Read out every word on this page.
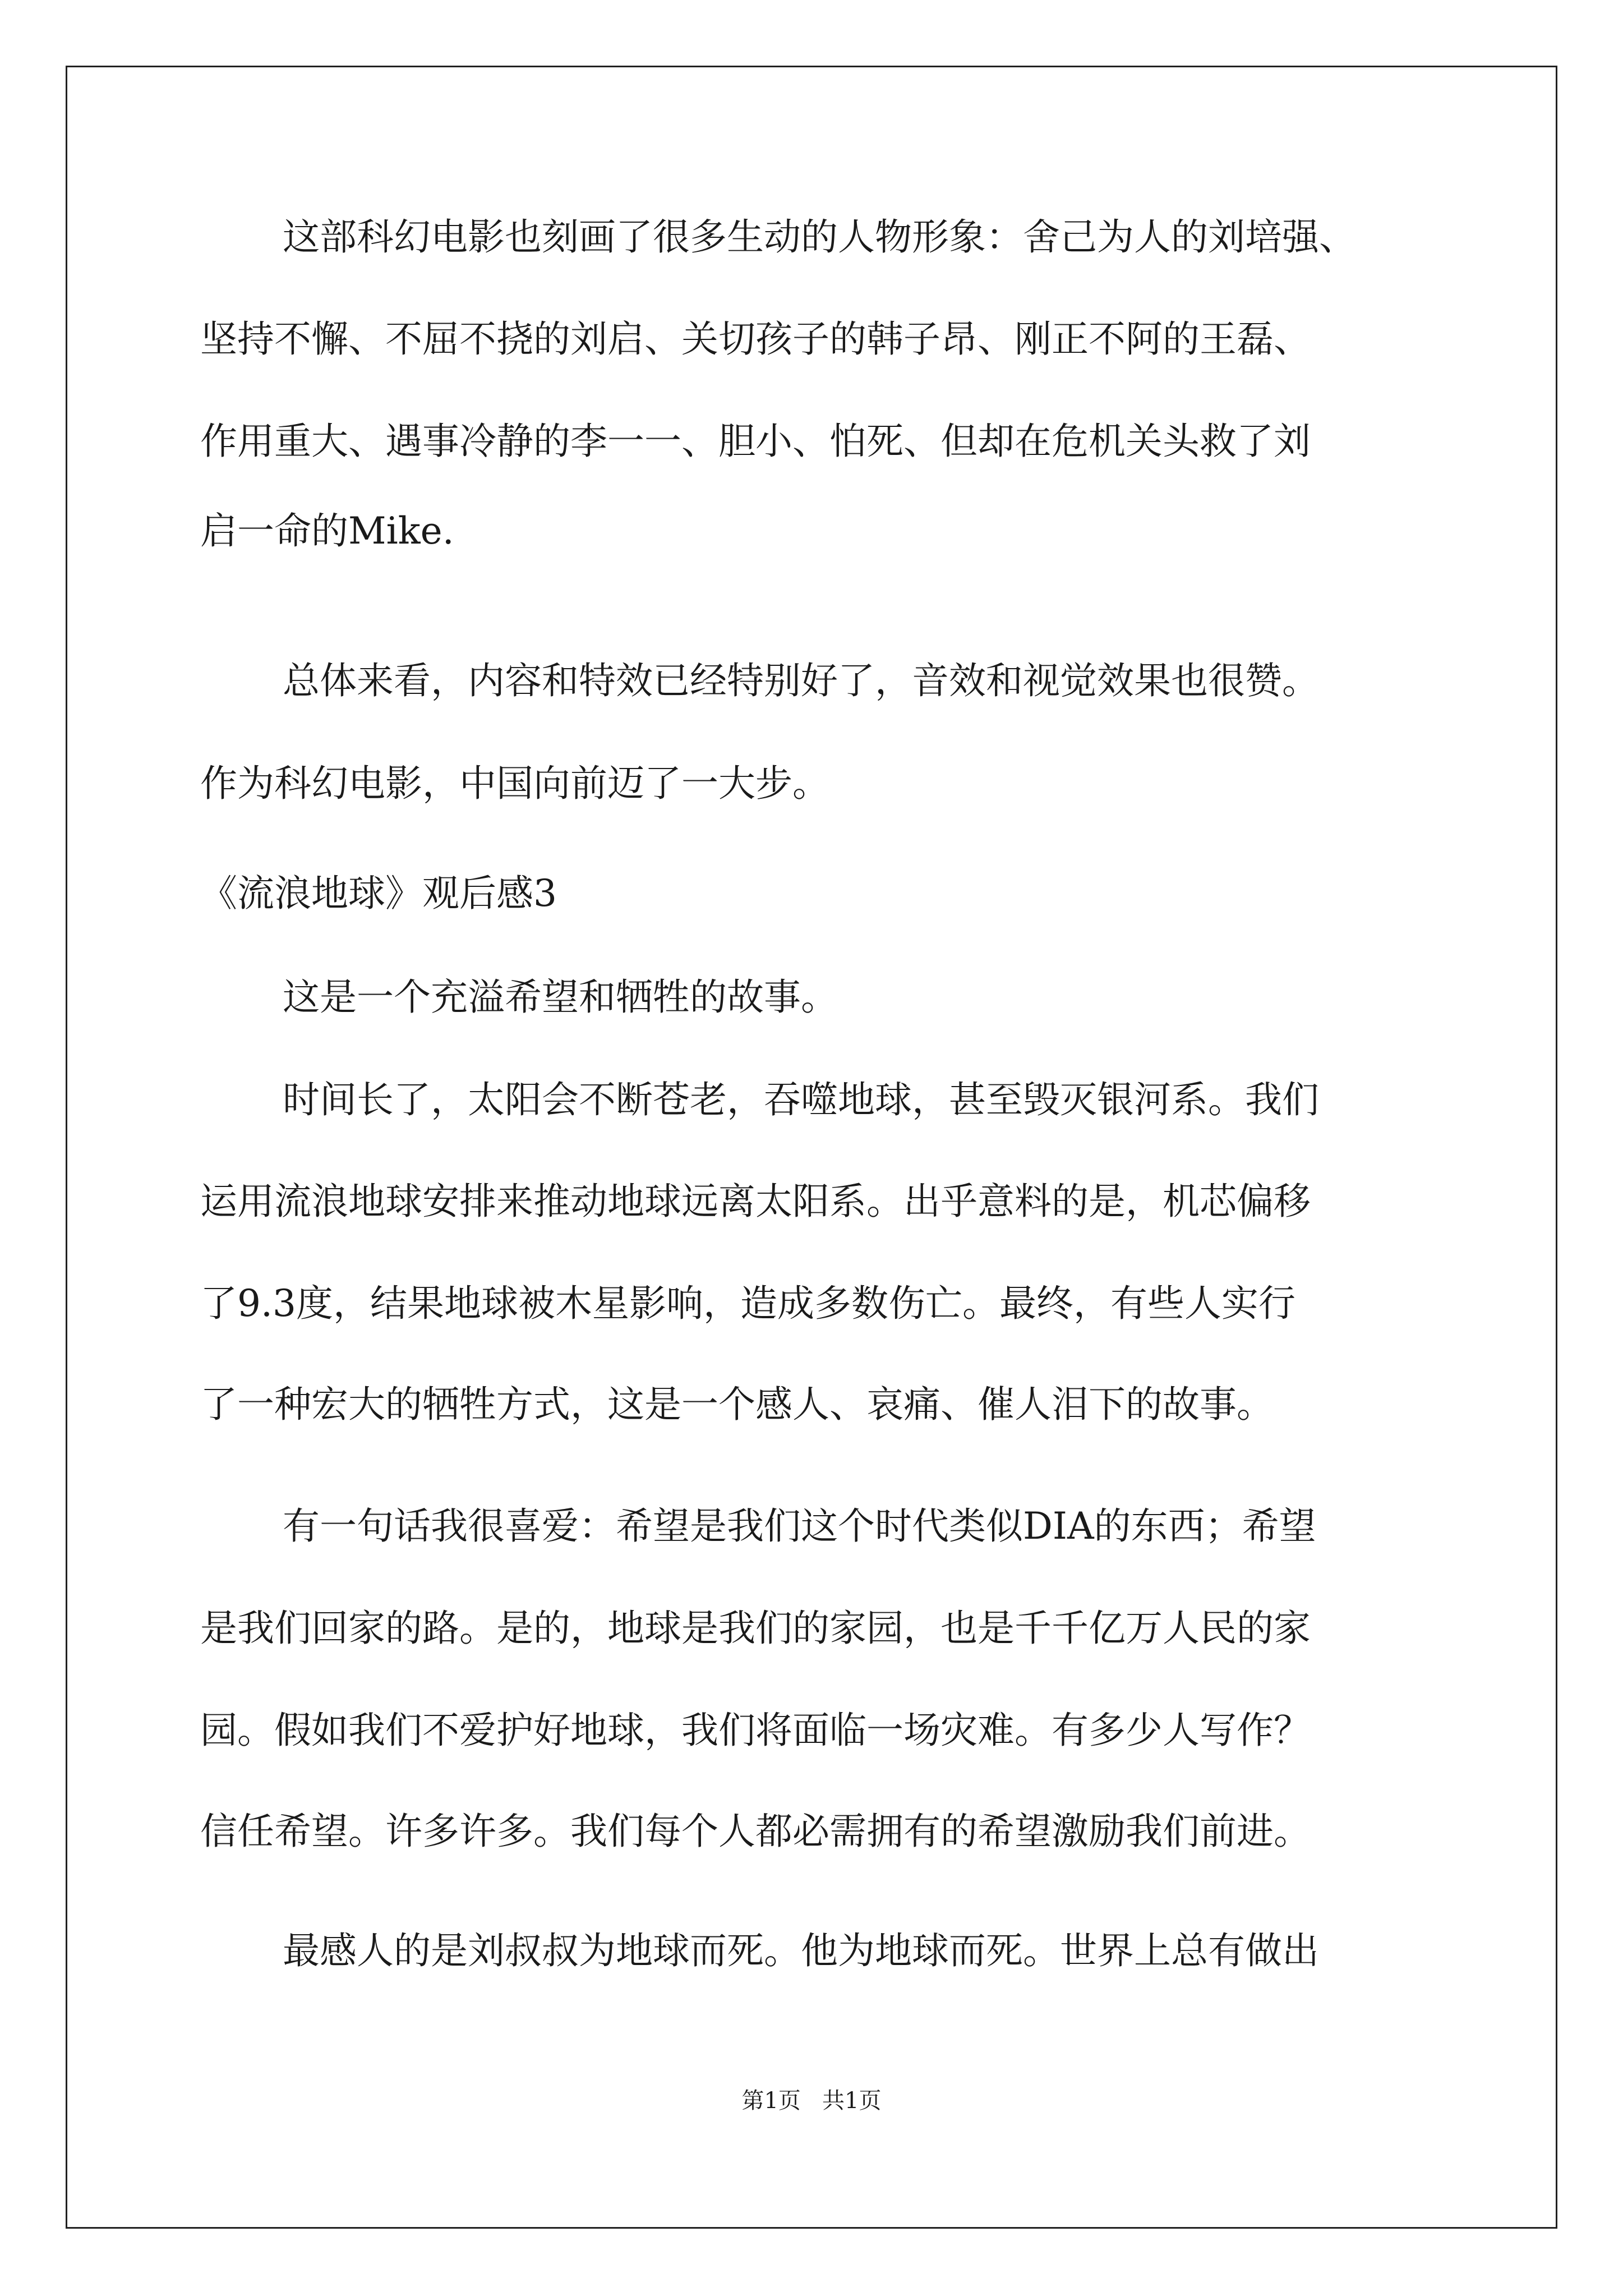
这部科幻电影也刻画了很多生动的人物形象：舍己为人的刘培强、
坚持不懈、不屈不挠的刘启、关切孩子的韩子昂、刚正不阿的王磊、
作用重大、遇事冷静的李一一、胆小、怕死、但却在危机关头救了刘
启一命的Mike.
总体来看，内容和特效已经特别好了，音效和视觉效果也很赞。
作为科幻电影，中国向前迈了一大步。
《流浪地球》观后感3
这是一个充溢希望和牺牲的故事。
时间长了，太阳会不断苍老，吞噬地球，甚至毁灭银河系。我们
运用流浪地球安排来推动地球远离太阳系。出乎意料的是，机芯偏移
了9.3度，结果地球被木星影响，造成多数伤亡。最终，有些人实行
了一种宏大的牺牲方式，这是一个感人、哀痛、催人泪下的故事。
有一句话我很喜爱：希望是我们这个时代类似DIA的东西；希望
是我们回家的路。是的，地球是我们的家园，也是千千亿万人民的家
园。假如我们不爱护好地球，我们将面临一场灾难。有多少人写作？
信任希望。许多许多。我们每个人都必需拥有的希望激励我们前进。
最感人的是刘叔叔为地球而死。他为地球而死。世界上总有做出
第1页   共1页
